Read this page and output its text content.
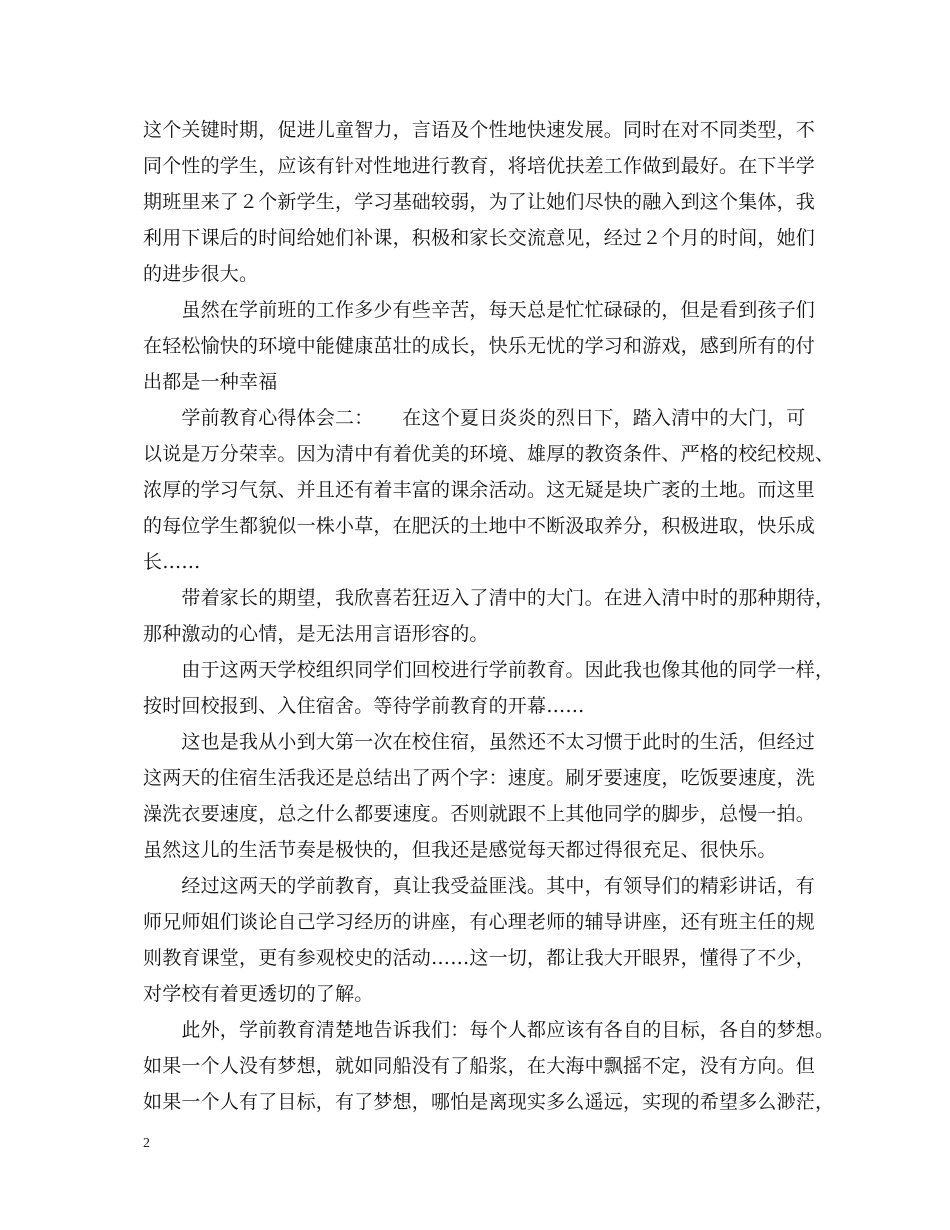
这个关键时期，促进儿童智力，言语及个性地快速发展。同时在对不同类型，不
同个性的学生，应该有针对性地进行教育，将培优扶差工作做到最好。在下半学
期班里来了２个新学生，学习基础较弱，为了让她们尽快的融入到这个集体，我
利用下课后的时间给她们补课，积极和家长交流意见，经过２个月的时间，她们
的进步很大。
　　虽然在学前班的工作多少有些辛苦，每天总是忙忙碌碌的，但是看到孩子们
在轻松愉快的环境中能健康茁壮的成长，快乐无忧的学习和游戏，感到所有的付
出都是一种幸福
　　学前教育心得体会二：　　在这个夏日炎炎的烈日下，踏入清中的大门，可
以说是万分荣幸。因为清中有着优美的环境、雄厚的教资条件、严格的校纪校规、
浓厚的学习气氛、并且还有着丰富的课余活动。这无疑是块广袤的土地。而这里
的每位学生都貌似一株小草，在肥沃的土地中不断汲取养分，积极进取，快乐成
长……
　　带着家长的期望，我欣喜若狂迈入了清中的大门。在进入清中时的那种期待，
那种激动的心情，是无法用言语形容的。
　　由于这两天学校组织同学们回校进行学前教育。因此我也像其他的同学一样，
按时回校报到、入住宿舍。等待学前教育的开幕……
　　这也是我从小到大第一次在校住宿，虽然还不太习惯于此时的生活，但经过
这两天的住宿生活我还是总结出了两个字：速度。刷牙要速度，吃饭要速度，洗
澡洗衣要速度，总之什么都要速度。否则就跟不上其他同学的脚步，总慢一拍。
虽然这儿的生活节奏是极快的，但我还是感觉每天都过得很充足、很快乐。
　　经过这两天的学前教育，真让我受益匪浅。其中，有领导们的精彩讲话，有
师兄师姐们谈论自己学习经历的讲座，有心理老师的辅导讲座，还有班主任的规
则教育课堂，更有参观校史的活动……这一切，都让我大开眼界，懂得了不少，
对学校有着更透切的了解。
　　此外，学前教育清楚地告诉我们：每个人都应该有各自的目标，各自的梦想。
如果一个人没有梦想，就如同船没有了船浆，在大海中飘摇不定，没有方向。但
如果一个人有了目标，有了梦想，哪怕是离现实多么遥远，实现的希望多么渺茫，
2
